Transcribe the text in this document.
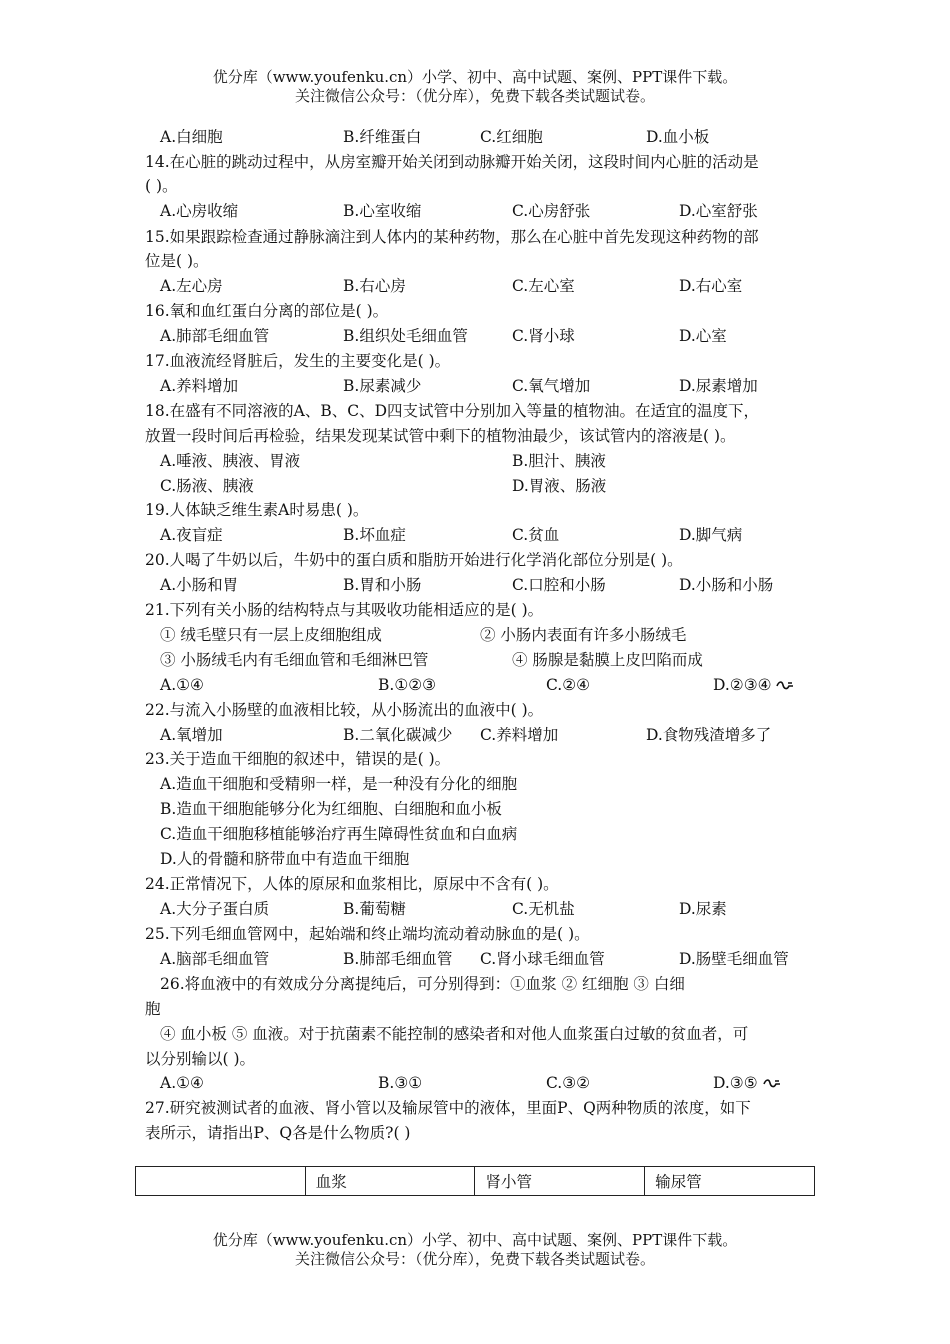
优分库（www.youfenku.cn）小学、初中、高中试题、案例、PPT课件下载。
关注微信公众号：（优分库），免费下载各类试题试卷。
A.白细胞	B.纤维蛋白	C.红细胞	D.血小板
14.在心脏的跳动过程中，从房室瓣开始关闭到动脉瓣开始关闭，这段时间内心脏的活动是
( )。
A.心房收缩	B.心室收缩	C.心房舒张	D.心室舒张
15.如果跟踪检查通过静脉滴注到人体内的某种药物，那么在心脏中首先发现这种药物的部
位是( )。
A.左心房	B.右心房	C.左心室	D.右心室
16.氧和血红蛋白分离的部位是( )。
A.肺部毛细血管	B.组织处毛细血管	C.肾小球	D.心室
17.血液流经肾脏后，发生的主要变化是( )。
A.养料增加	B.尿素减少	C.氧气增加	D.尿素增加
18.在盛有不同溶液的A、B、C、D四支试管中分别加入等量的植物油。在适宜的温度下，
放置一段时间后再检验，结果发现某试管中剩下的植物油最少，该试管内的溶液是( )。
A.唾液、胰液、胃液	B.胆汁、胰液
C.肠液、胰液	D.胃液、肠液
19.人体缺乏维生素A时易患( )。
A.夜盲症	B.坏血症	C.贫血	D.脚气病
20.人喝了牛奶以后，牛奶中的蛋白质和脂肪开始进行化学消化部位分别是( )。
A.小肠和胃	B.胃和小肠	C.口腔和小肠	D.小肠和小肠
21.下列有关小肠的结构特点与其吸收功能相适应的是( )。
① 绒毛壁只有一层上皮细胞组成	② 小肠内表面有许多小肠绒毛
③ 小肠绒毛内有毛细血管和毛细淋巴管	④ 肠腺是黏膜上皮凹陷而成
A.①④	B.①②③	C.②④	D.②③④
22.与流入小肠壁的血液相比较，从小肠流出的血液中( )。
A.氧增加	B.二氧化碳减少 C.养料增加	D.食物残渣增多了
23.关于造血干细胞的叙述中，错误的是( )。
A.造血干细胞和受精卵一样，是一种没有分化的细胞
B.造血干细胞能够分化为红细胞、白细胞和血小板
C.造血干细胞移植能够治疗再生障碍性贫血和白血病
D.人的骨髓和脐带血中有造血干细胞
24.正常情况下，人体的原尿和血浆相比，原尿中不含有( )。
A.大分子蛋白质	B.葡萄糖	C.无机盐	D.尿素
25.下列毛细血管网中，起始端和终止端均流动着动脉血的是( )。
A.脑部毛细血管	B.肺部毛细血管 C.肾小球毛细血管	D.肠壁毛细血管
26.将血液中的有效成分分离提纯后，可分别得到：①血浆 ② 红细胞 ③ 白细
胞
④ 血小板 ⑤ 血液。对于抗菌素不能控制的感染者和对他人血浆蛋白过敏的贫血者，可
以分别输以( )。
A.①④	B.③①	C.③②	D.③⑤
27.研究被测试者的血液、肾小管以及输尿管中的液体，里面P、Q两种物质的浓度，如下
表所示，请指出P、Q各是什么物质?( )
	血浆	肾小管	输尿管
优分库（www.youfenku.cn）小学、初中、高中试题、案例、PPT课件下载。
关注微信公众号：（优分库），免费下载各类试题试卷。
